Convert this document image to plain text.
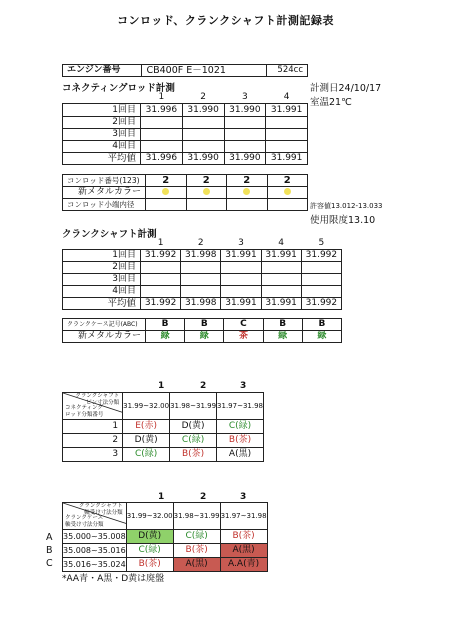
コンロッド、クランクシャフト計測記録表
エンジン番号	CB400F E－1021	524cc
計測日24/10/17
室温21℃
コネクティングロッド計測
	1	2	3	4
1回目	31.996	31.990	31.990	31.991
2回目				
3回目				
4回目				
平均値	31.996	31.990	31.990	31.991
コンロッド番号(123)	2	2	2	2
新メタルカラー				
コンロッド小端内径					許容値13.012-13.033
使用限度13.10
クランクシャフト計測
	1	2	3	4	5
1回目	31.992	31.998	31.991	31.991	31.992
2回目					
3回目					
4回目					
平均値	31.992	31.998	31.991	31.991	31.992
クランクケース記号(ABC)	B	B	C	B	B
新メタルカラー	緑	緑	茶	緑	緑
1	2	3
クランクシャフト
ピン寸法分類
コネクティング
ロッド分類番号	31.99~32.00	31.98~31.99	31.97~31.98
1	E(赤)	D(黄)	C(緑)
2	D(黄)	C(緑)	B(茶)
3	C(緑)	B(茶)	A(黒)
1	2	3
クランクシャフト
軸受け寸法分類
クランクケース
軸受け寸法分類	31.99~32.00	31.98~31.99	31.97~31.98
35.000~35.008	D(黄)	C(緑)	B(茶)
35.008~35.016	C(緑)	B(茶)	A(黒)
35.016~35.024	B(茶)	A(黒)	A.A(青)
A
B
C
*AA青・A黒・D黄は廃盤
